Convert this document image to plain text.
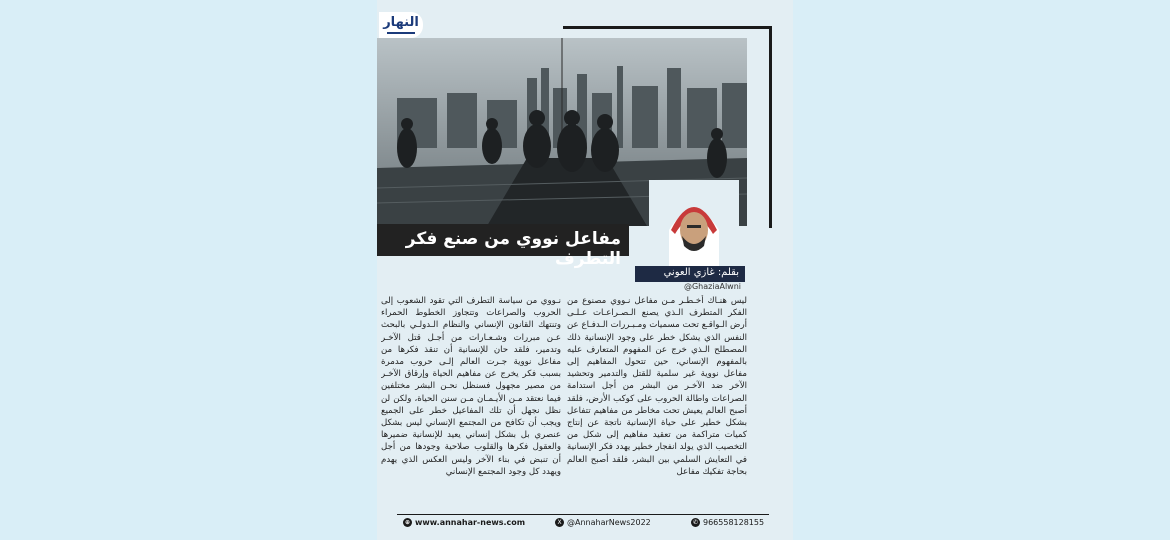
النهار
مفاعل نووي من صنع فكر التطرف
بقلم: غازي العوني
@GhaziaAlwni
ليس هنـاك أخـطـر مـن مفاعل نـووي مصنوع من الفكر المتطرف الـذي يصنع الـصـراعـات عـلـى أرض الـواقـع تحت مسميات ومـبـررات الـدفـاع عن النفس الذي يشكل خطر على وجود الإنسانية ذلك المصطلح الـذي خرج عن المفهوم المتعارف عليه بالمفهوم الإنساني، حين تتحول المفاهيم إلى مفاعل نووية غير سلمية للقتل والتدمير وتحشيد الآخر ضد الآخـر من البشر من أجل استدامة الصراعات واطالة الحروب على كوكب الأرض، فلقد أصبح العالم يعيش تحت مخاطر من مفاهيم تتفاعل بشكل خطير على حياة الإنسانية ناتجة عن إنتاج كميات متراكمة من تعقيد مفاهيم إلى شكل من التخصيب الذي يولد انفجار خطير يهدد فكر الإنسانية في التعايش السلمي بين البشر، فلقد أصبح العالم بحاجة تفكيك مفاعل
نـووي من سياسة التطرف التي تقود الشعوب إلى الحروب والصراعات وتتجاوز الخطوط الحمراء وتنتهك القانون الإنساني والنظام الـدولـي بالبحث عـن مبررات وشـعـارات من أجـل قتل الآخـر وتدمير، فلقد حان للإنسانية أن تنقذ فكرها من مفاعل نووية جـرت العالم إلـى حروب مدمرة بسبب فكر يخرج عن مفاهيم الحياة وإرقاق الآخـر من مصير مجهول فسنظل نحـن البشر مختلفين فيما نعتقد مـن الأيـمـان مـن سنن الحياة، ولكن لن نظل نجهل أن تلك المفاعيل خطر على الجميع ويجب أن تكافح من المجتمع الإنساني ليس بشكل عنصري بل بشكل إنساني يعيد للإنسانية ضميرها والعقول فكرها والقلوب صلاحية وجودها من أجل أن تنبض في بناء الآخر وليس العكس الذي يهدم ويهدد كل وجود المجتمع الإنساني
⊕ www.annahar-news.com	X @AnnaharNews2022	✆ 966558128155
